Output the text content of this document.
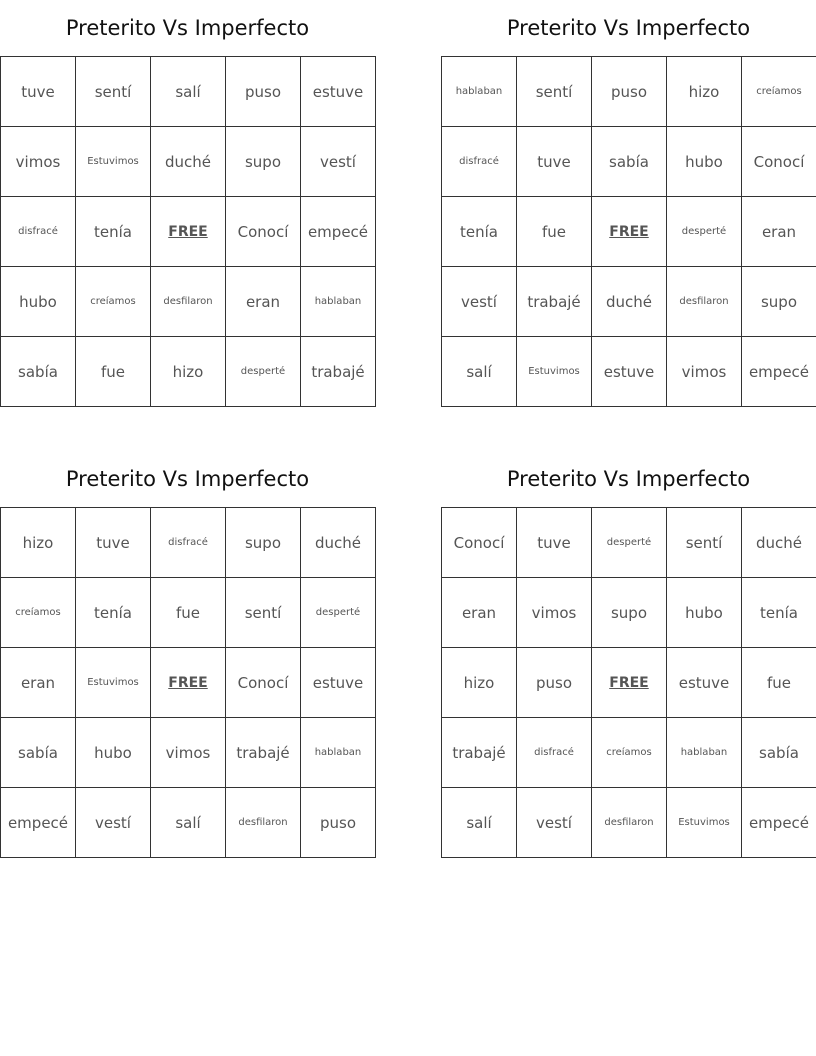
Preterito Vs Imperfecto
tuve	sentí	salí	puso	estuve
vimos	Estuvimos	duché	supo	vestí
disfracé	tenía	FREE	Conocí	empecé
hubo	creíamos	desfilaron	eran	hablaban
sabía	fue	hizo	desperté	trabajé
Preterito Vs Imperfecto
hablaban	sentí	puso	hizo	creíamos
disfracé	tuve	sabía	hubo	Conocí
tenía	fue	FREE	desperté	eran
vestí	trabajé	duché	desfilaron	supo
salí	Estuvimos	estuve	vimos	empecé
Preterito Vs Imperfecto
hizo	tuve	disfracé	supo	duché
creíamos	tenía	fue	sentí	desperté
eran	Estuvimos	FREE	Conocí	estuve
sabía	hubo	vimos	trabajé	hablaban
empecé	vestí	salí	desfilaron	puso
Preterito Vs Imperfecto
Conocí	tuve	desperté	sentí	duché
eran	vimos	supo	hubo	tenía
hizo	puso	FREE	estuve	fue
trabajé	disfracé	creíamos	hablaban	sabía
salí	vestí	desfilaron	Estuvimos	empecé
